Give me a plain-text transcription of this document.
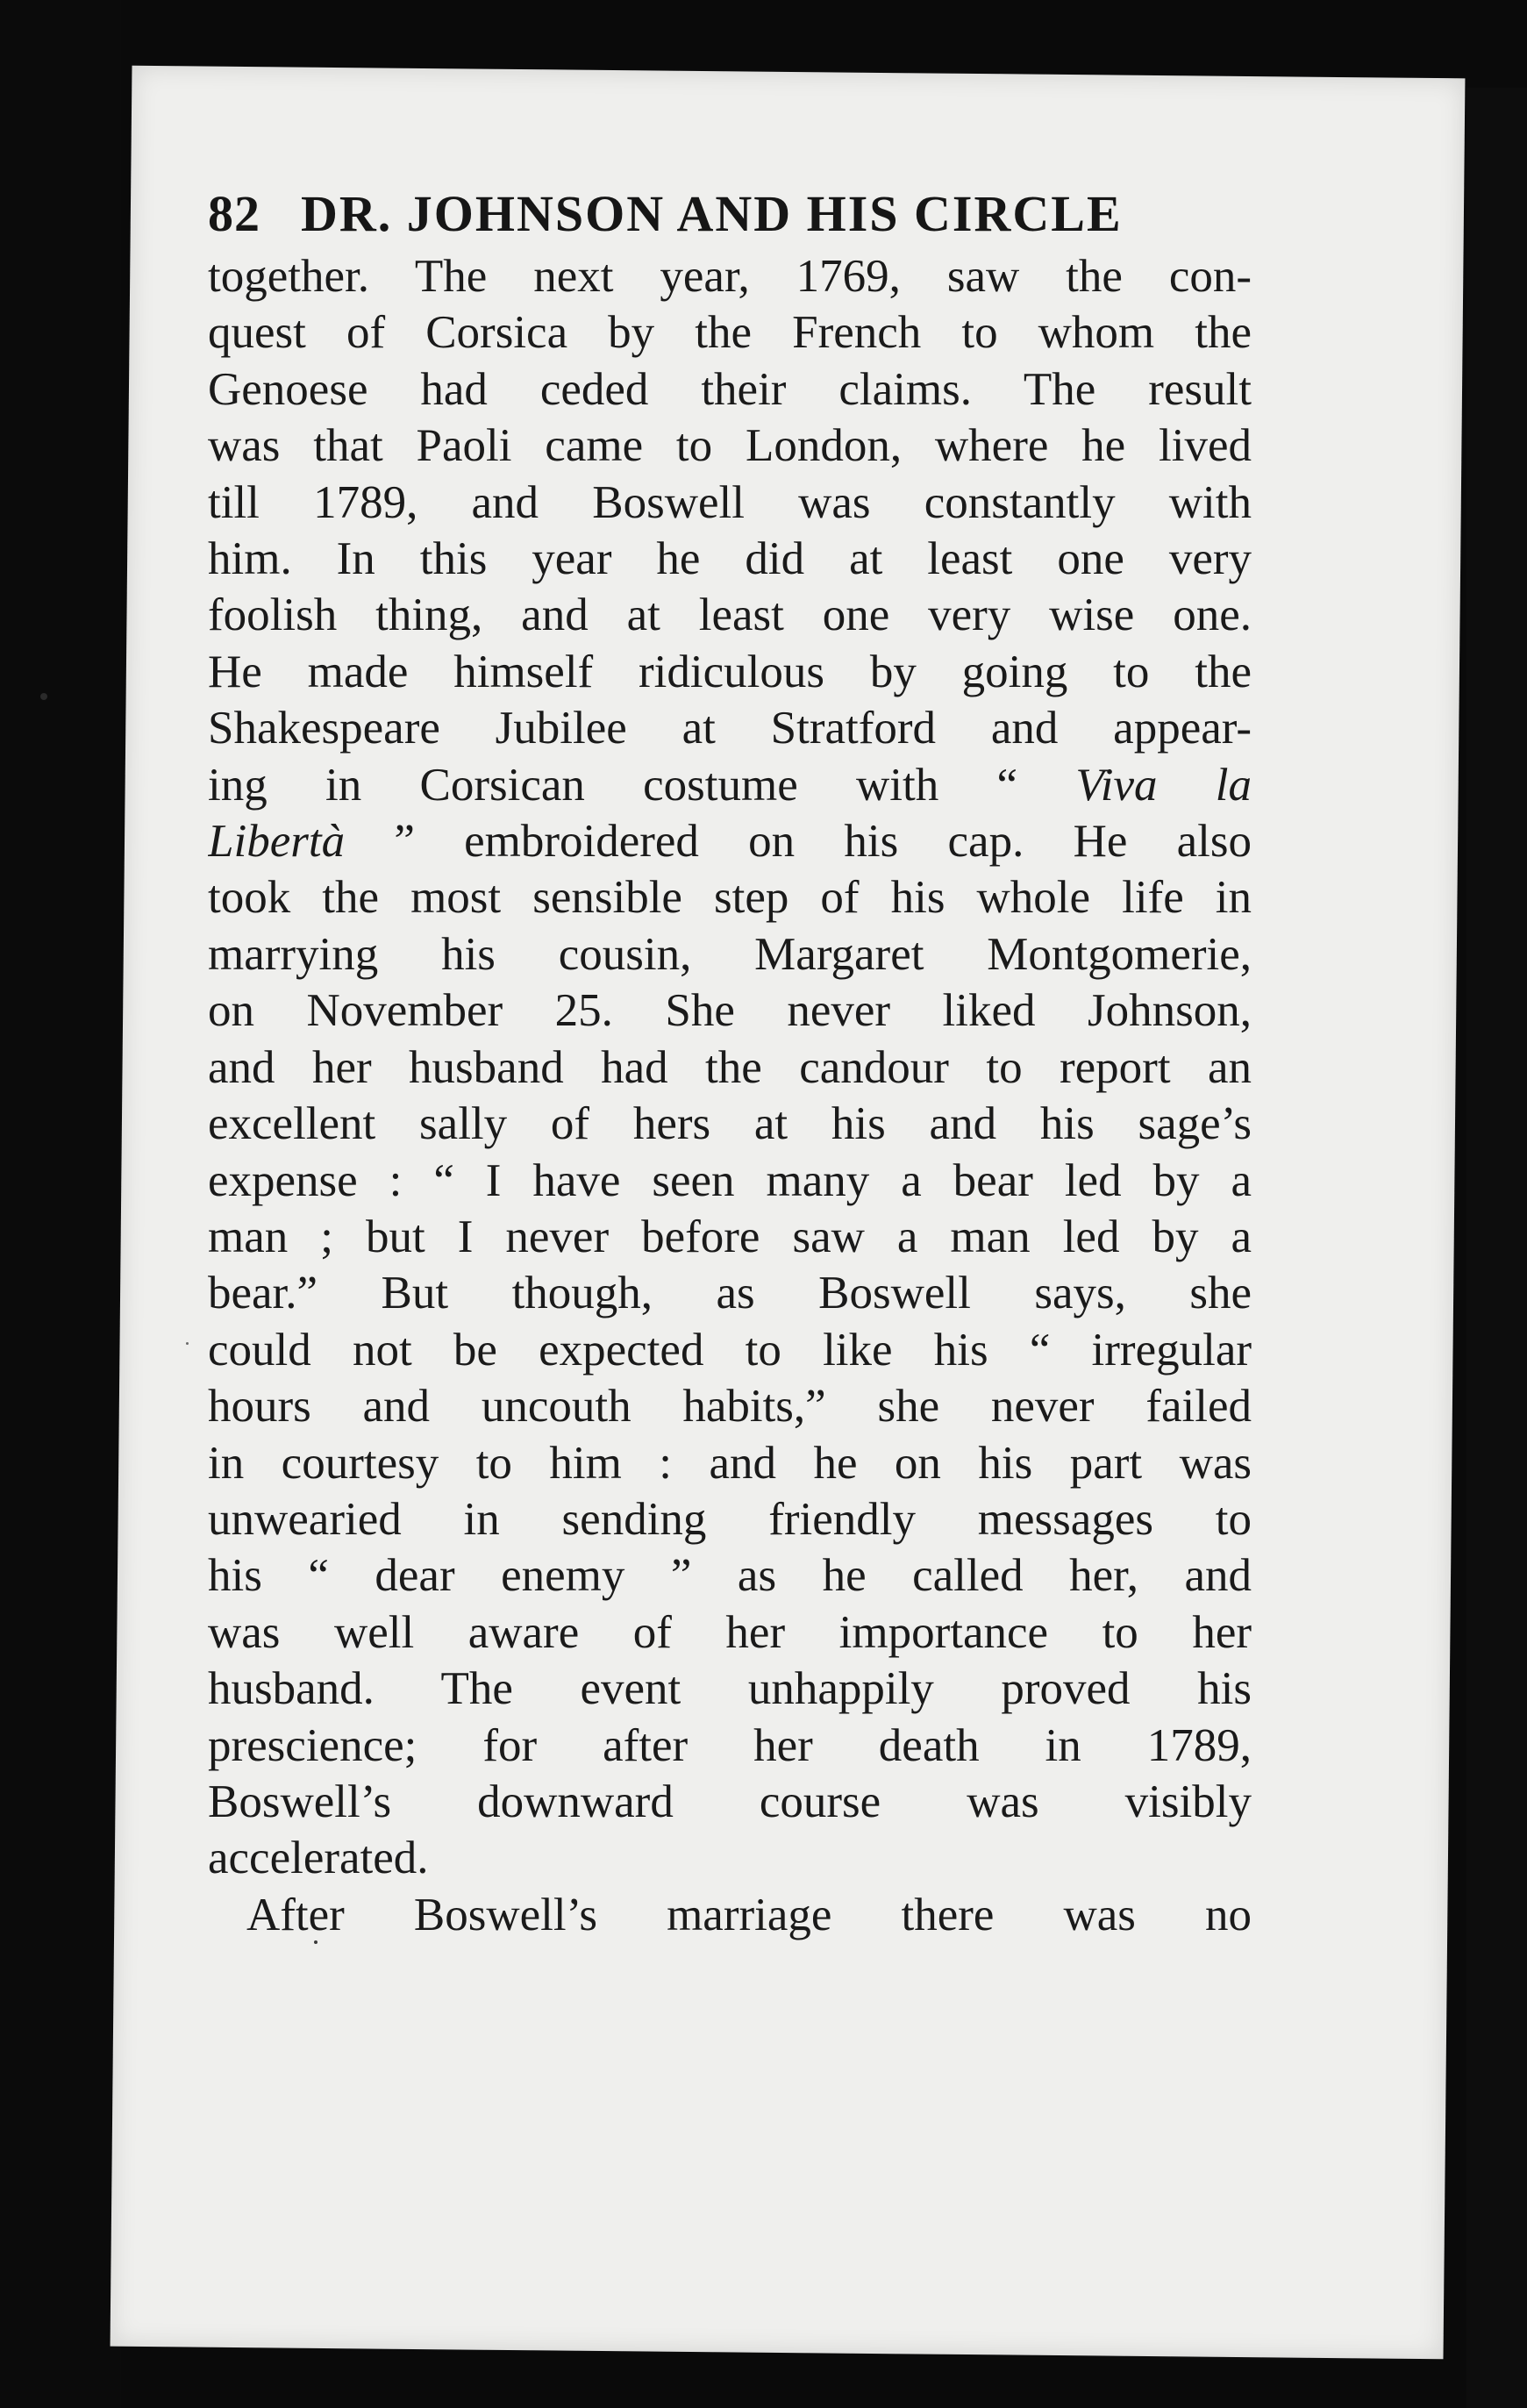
82 DR. JOHNSON AND HIS CIRCLE
together. The next year, 1769, saw the con-
quest of Corsica by the French to whom the
Genoese had ceded their claims. The result
was that Paoli came to London, where he lived
till 1789, and Boswell was constantly with
him. In this year he did at least one very
foolish thing, and at least one very wise one.
He made himself ridiculous by going to the
Shakespeare Jubilee at Stratford and appear-
ing in Corsican costume with “ Viva la
Libertà ” embroidered on his cap. He also
took the most sensible step of his whole life in
marrying his cousin, Margaret Montgomerie,
on November 25. She never liked Johnson,
and her husband had the candour to report an
excellent sally of hers at his and his sage’s
expense : “ I have seen many a bear led by a
man ; but I never before saw a man led by a
bear.” But though, as Boswell says, she
could not be expected to like his “ irregular
hours and uncouth habits,” she never failed
in courtesy to him : and he on his part was
unwearied in sending friendly messages to
his “ dear enemy ” as he called her, and
was well aware of her importance to her
husband. The event unhappily proved his
prescience; for after her death in 1789,
Boswell’s downward course was visibly
accelerated.
After Boswell’s marriage there was no
